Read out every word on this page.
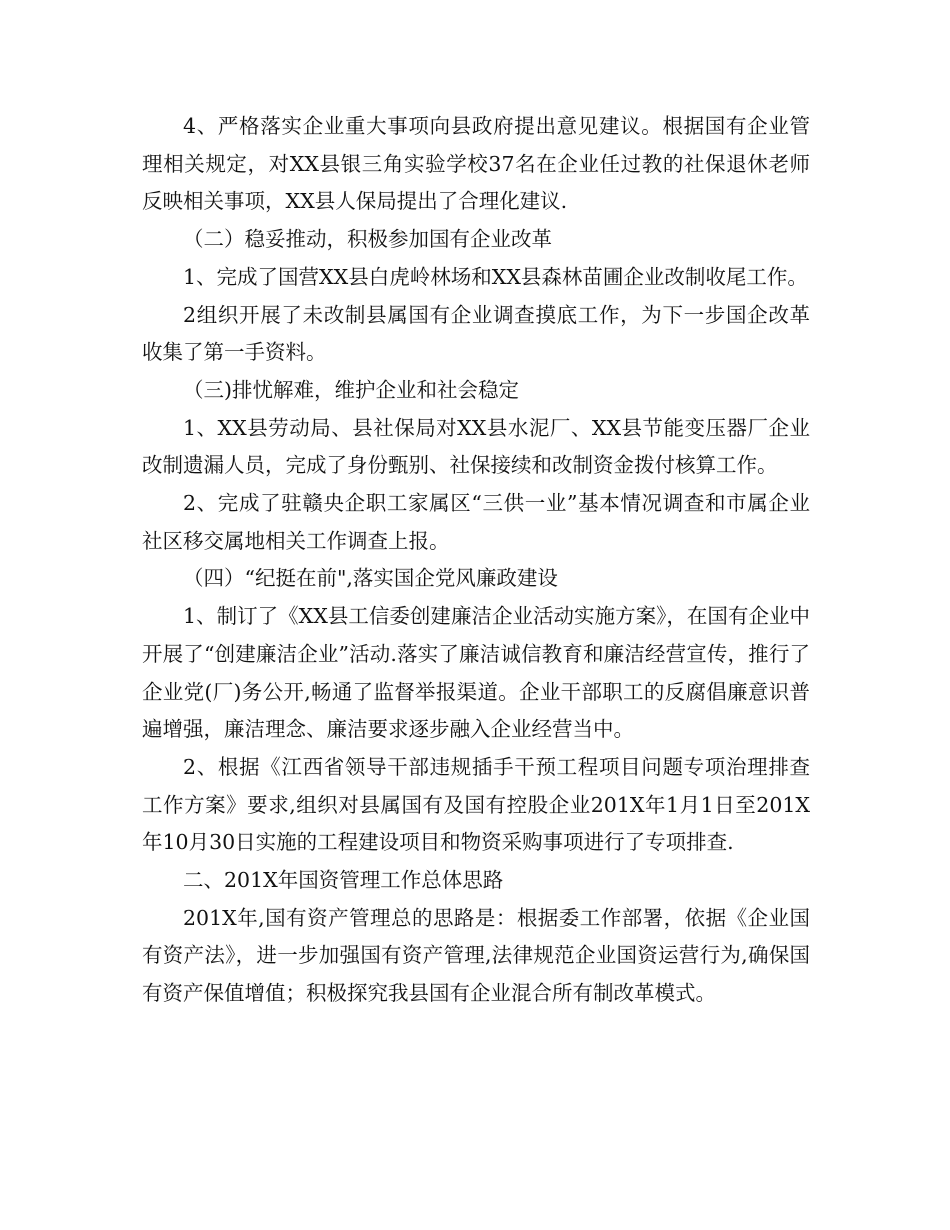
4、严格落实企业重大事项向县政府提出意见建议。根据国有企业管理相关规定，对XX县银三角实验学校37名在企业任过教的社保退休老师反映相关事项，XX县人保局提出了合理化建议.

（二）稳妥推动，积极参加国有企业改革

1、完成了国营XX县白虎岭林场和XX县森林苗圃企业改制收尾工作。

2组织开展了未改制县属国有企业调查摸底工作，为下一步国企改革收集了第一手资料。

（三)排忧解难，维护企业和社会稳定

1、XX县劳动局、县社保局对XX县水泥厂、XX县节能变压器厂企业改制遗漏人员，完成了身份甄别、社保接续和改制资金拨付核算工作。

2、完成了驻赣央企职工家属区“三供一业”基本情况调查和市属企业社区移交属地相关工作调查上报。

（四）“纪挺在前",落实国企党风廉政建设

1、制订了《XX县工信委创建廉洁企业活动实施方案》，在国有企业中开展了“创建廉洁企业”活动.落实了廉洁诚信教育和廉洁经营宣传，推行了企业党(厂)务公开,畅通了监督举报渠道。企业干部职工的反腐倡廉意识普遍增强，廉洁理念、廉洁要求逐步融入企业经营当中。

2、根据《江西省领导干部违规插手干预工程项目问题专项治理排查工作方案》要求,组织对县属国有及国有控股企业201X年1月1日至201X年10月30日实施的工程建设项目和物资采购事项进行了专项排查.

二、201X年国资管理工作总体思路

201X年,国有资产管理总的思路是：根据委工作部署，依据《企业国有资产法》，进一步加强国有资产管理,法律规范企业国资运营行为,确保国有资产保值增值；积极探究我县国有企业混合所有制改革模式。
